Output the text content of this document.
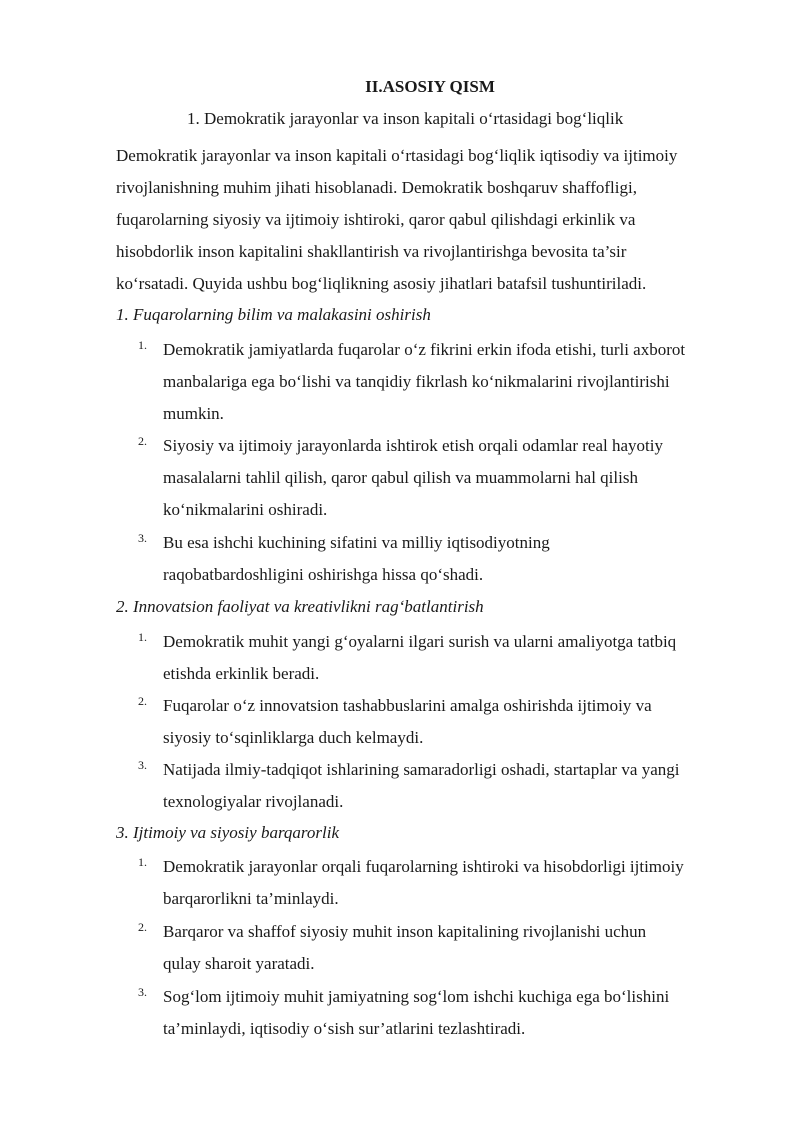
II.ASOSIY QISM
1. Demokratik jarayonlar va inson kapitali o‘rtasidagi bog‘liqlik
Demokratik jarayonlar va inson kapitali o‘rtasidagi bog‘liqlik iqtisodiy va ijtimoiy
rivojlanishning muhim jihati hisoblanadi. Demokratik boshqaruv shaffofligi,
fuqarolarning siyosiy va ijtimoiy ishtiroki, qaror qabul qilishdagi erkinlik va
hisobdorlik inson kapitalini shakllantirish va rivojlantirishga bevosita ta’sir
ko‘rsatadi. Quyida ushbu bog‘liqlikning asosiy jihatlari batafsil tushuntiriladi.
1. Fuqarolarning bilim va malakasini oshirish
1. Demokratik jamiyatlarda fuqarolar o‘z fikrini erkin ifoda etishi, turli axborot
manbalariga ega bo‘lishi va tanqidiy fikrlash ko‘nikmalarini rivojlantirishi
mumkin.
2. Siyosiy va ijtimoiy jarayonlarda ishtirok etish orqali odamlar real hayotiy
masalalarni tahlil qilish, qaror qabul qilish va muammolarni hal qilish
ko‘nikmalarini oshiradi.
3. Bu esa ishchi kuchining sifatini va milliy iqtisodiyotning
raqobatbardoshligini oshirishga hissa qo‘shadi.
2. Innovatsion faoliyat va kreativlikni rag‘batlantirish
1. Demokratik muhit yangi g‘oyalarni ilgari surish va ularni amaliyotga tatbiq
etishda erkinlik beradi.
2. Fuqarolar o‘z innovatsion tashabbuslarini amalga oshirishda ijtimoiy va
siyosiy to‘sqinliklarga duch kelmaydi.
3. Natijada ilmiy-tadqiqot ishlarining samaradorligi oshadi, startaplar va yangi
texnologiyalar rivojlanadi.
3. Ijtimoiy va siyosiy barqarorlik
1. Demokratik jarayonlar orqali fuqarolarning ishtiroki va hisobdorligi ijtimoiy
barqarorlikni ta’minlaydi.
2. Barqaror va shaffof siyosiy muhit inson kapitalining rivojlanishi uchun
qulay sharoit yaratadi.
3. Sog‘lom ijtimoiy muhit jamiyatning sog‘lom ishchi kuchiga ega bo‘lishini
ta’minlaydi, iqtisodiy o‘sish sur’atlarini tezlashtiradi.
